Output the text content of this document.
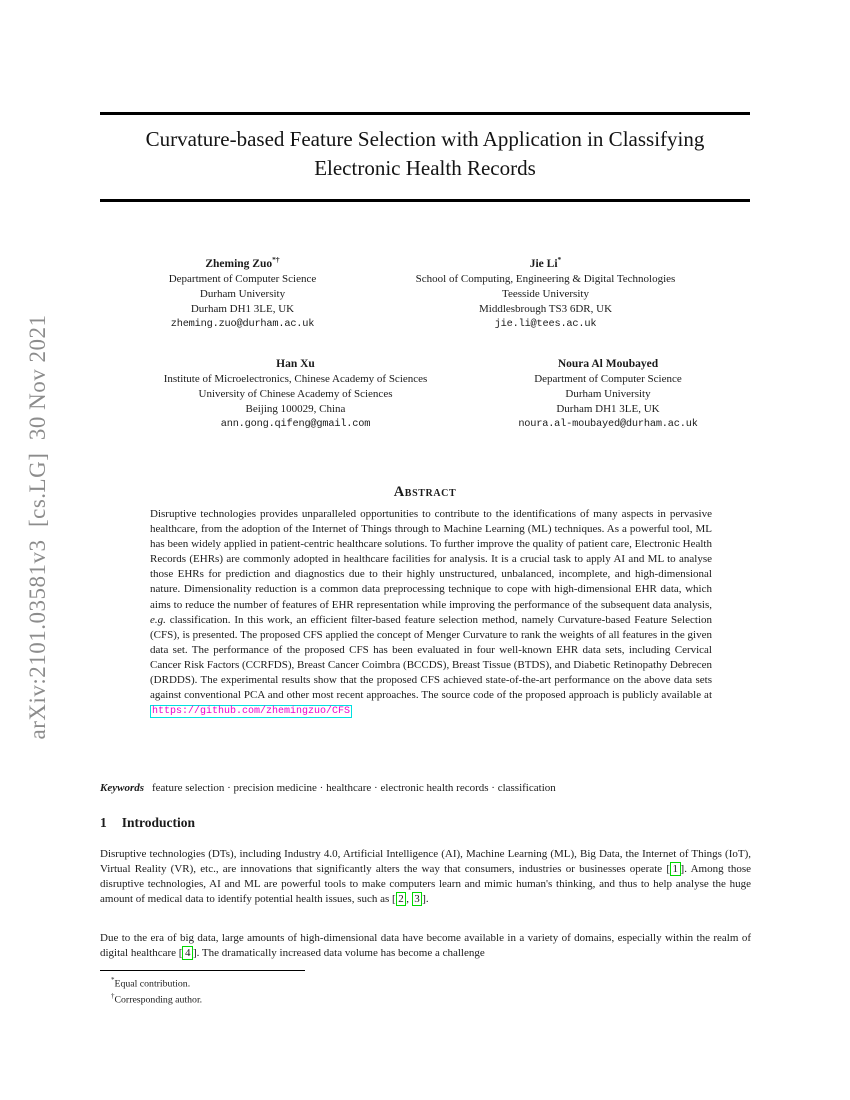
arXiv:2101.03581v3  [cs.LG]  30 Nov 2021
Curvature-based Feature Selection with Application in Classifying
Electronic Health Records
Zheming Zuo*†
Department of Computer Science
Durham University
Durham DH1 3LE, UK
zheming.zuo@durham.ac.uk
Jie Li*
School of Computing, Engineering & Digital Technologies
Teesside University
Middlesbrough TS3 6DR, UK
jie.li@tees.ac.uk
Han Xu
Institute of Microelectronics, Chinese Academy of Sciences
University of Chinese Academy of Sciences
Beijing 100029, China
ann.gong.qifeng@gmail.com
Noura Al Moubayed
Department of Computer Science
Durham University
Durham DH1 3LE, UK
noura.al-moubayed@durham.ac.uk
Abstract
Disruptive technologies provides unparalleled opportunities to contribute to the identifications of many aspects in pervasive healthcare, from the adoption of the Internet of Things through to Machine Learning (ML) techniques. As a powerful tool, ML has been widely applied in patient-centric healthcare solutions. To further improve the quality of patient care, Electronic Health Records (EHRs) are commonly adopted in healthcare facilities for analysis. It is a crucial task to apply AI and ML to analyse those EHRs for prediction and diagnostics due to their highly unstructured, unbalanced, incomplete, and high-dimensional nature. Dimensionality reduction is a common data preprocessing technique to cope with high-dimensional EHR data, which aims to reduce the number of features of EHR representation while improving the performance of the subsequent data analysis, e.g. classification. In this work, an efficient filter-based feature selection method, namely Curvature-based Feature Selection (CFS), is presented. The proposed CFS applied the concept of Menger Curvature to rank the weights of all features in the given data set. The performance of the proposed CFS has been evaluated in four well-known EHR data sets, including Cervical Cancer Risk Factors (CCRFDS), Breast Cancer Coimbra (BCCDS), Breast Tissue (BTDS), and Diabetic Retinopathy Debrecen (DRDDS). The experimental results show that the proposed CFS achieved state-of-the-art performance on the above data sets against conventional PCA and other most recent approaches. The source code of the proposed approach is publicly available at https://github.com/zhemingzuo/CFS
Keywords feature selection · precision medicine · healthcare · electronic health records · classification
1 Introduction

Disruptive technologies (DTs), including Industry 4.0, Artificial Intelligence (AI), Machine Learning (ML), Big Data, the Internet of Things (IoT), Virtual Reality (VR), etc., are innovations that significantly alters the way that consumers, industries or businesses operate [ 1 ]. Among those disruptive technologies, AI and ML are powerful tools to make computers learn and mimic human's thinking, and thus to help analyse the huge amount of medical data to identify potential health issues, such as [ 2 , 3 ].

Due to the era of big data, large amounts of high-dimensional data have become available in a variety of domains, especially within the realm of digital healthcare [ 4 ]. The dramatically increased data volume has become a challenge

*Equal contribution.
†Corresponding author.
